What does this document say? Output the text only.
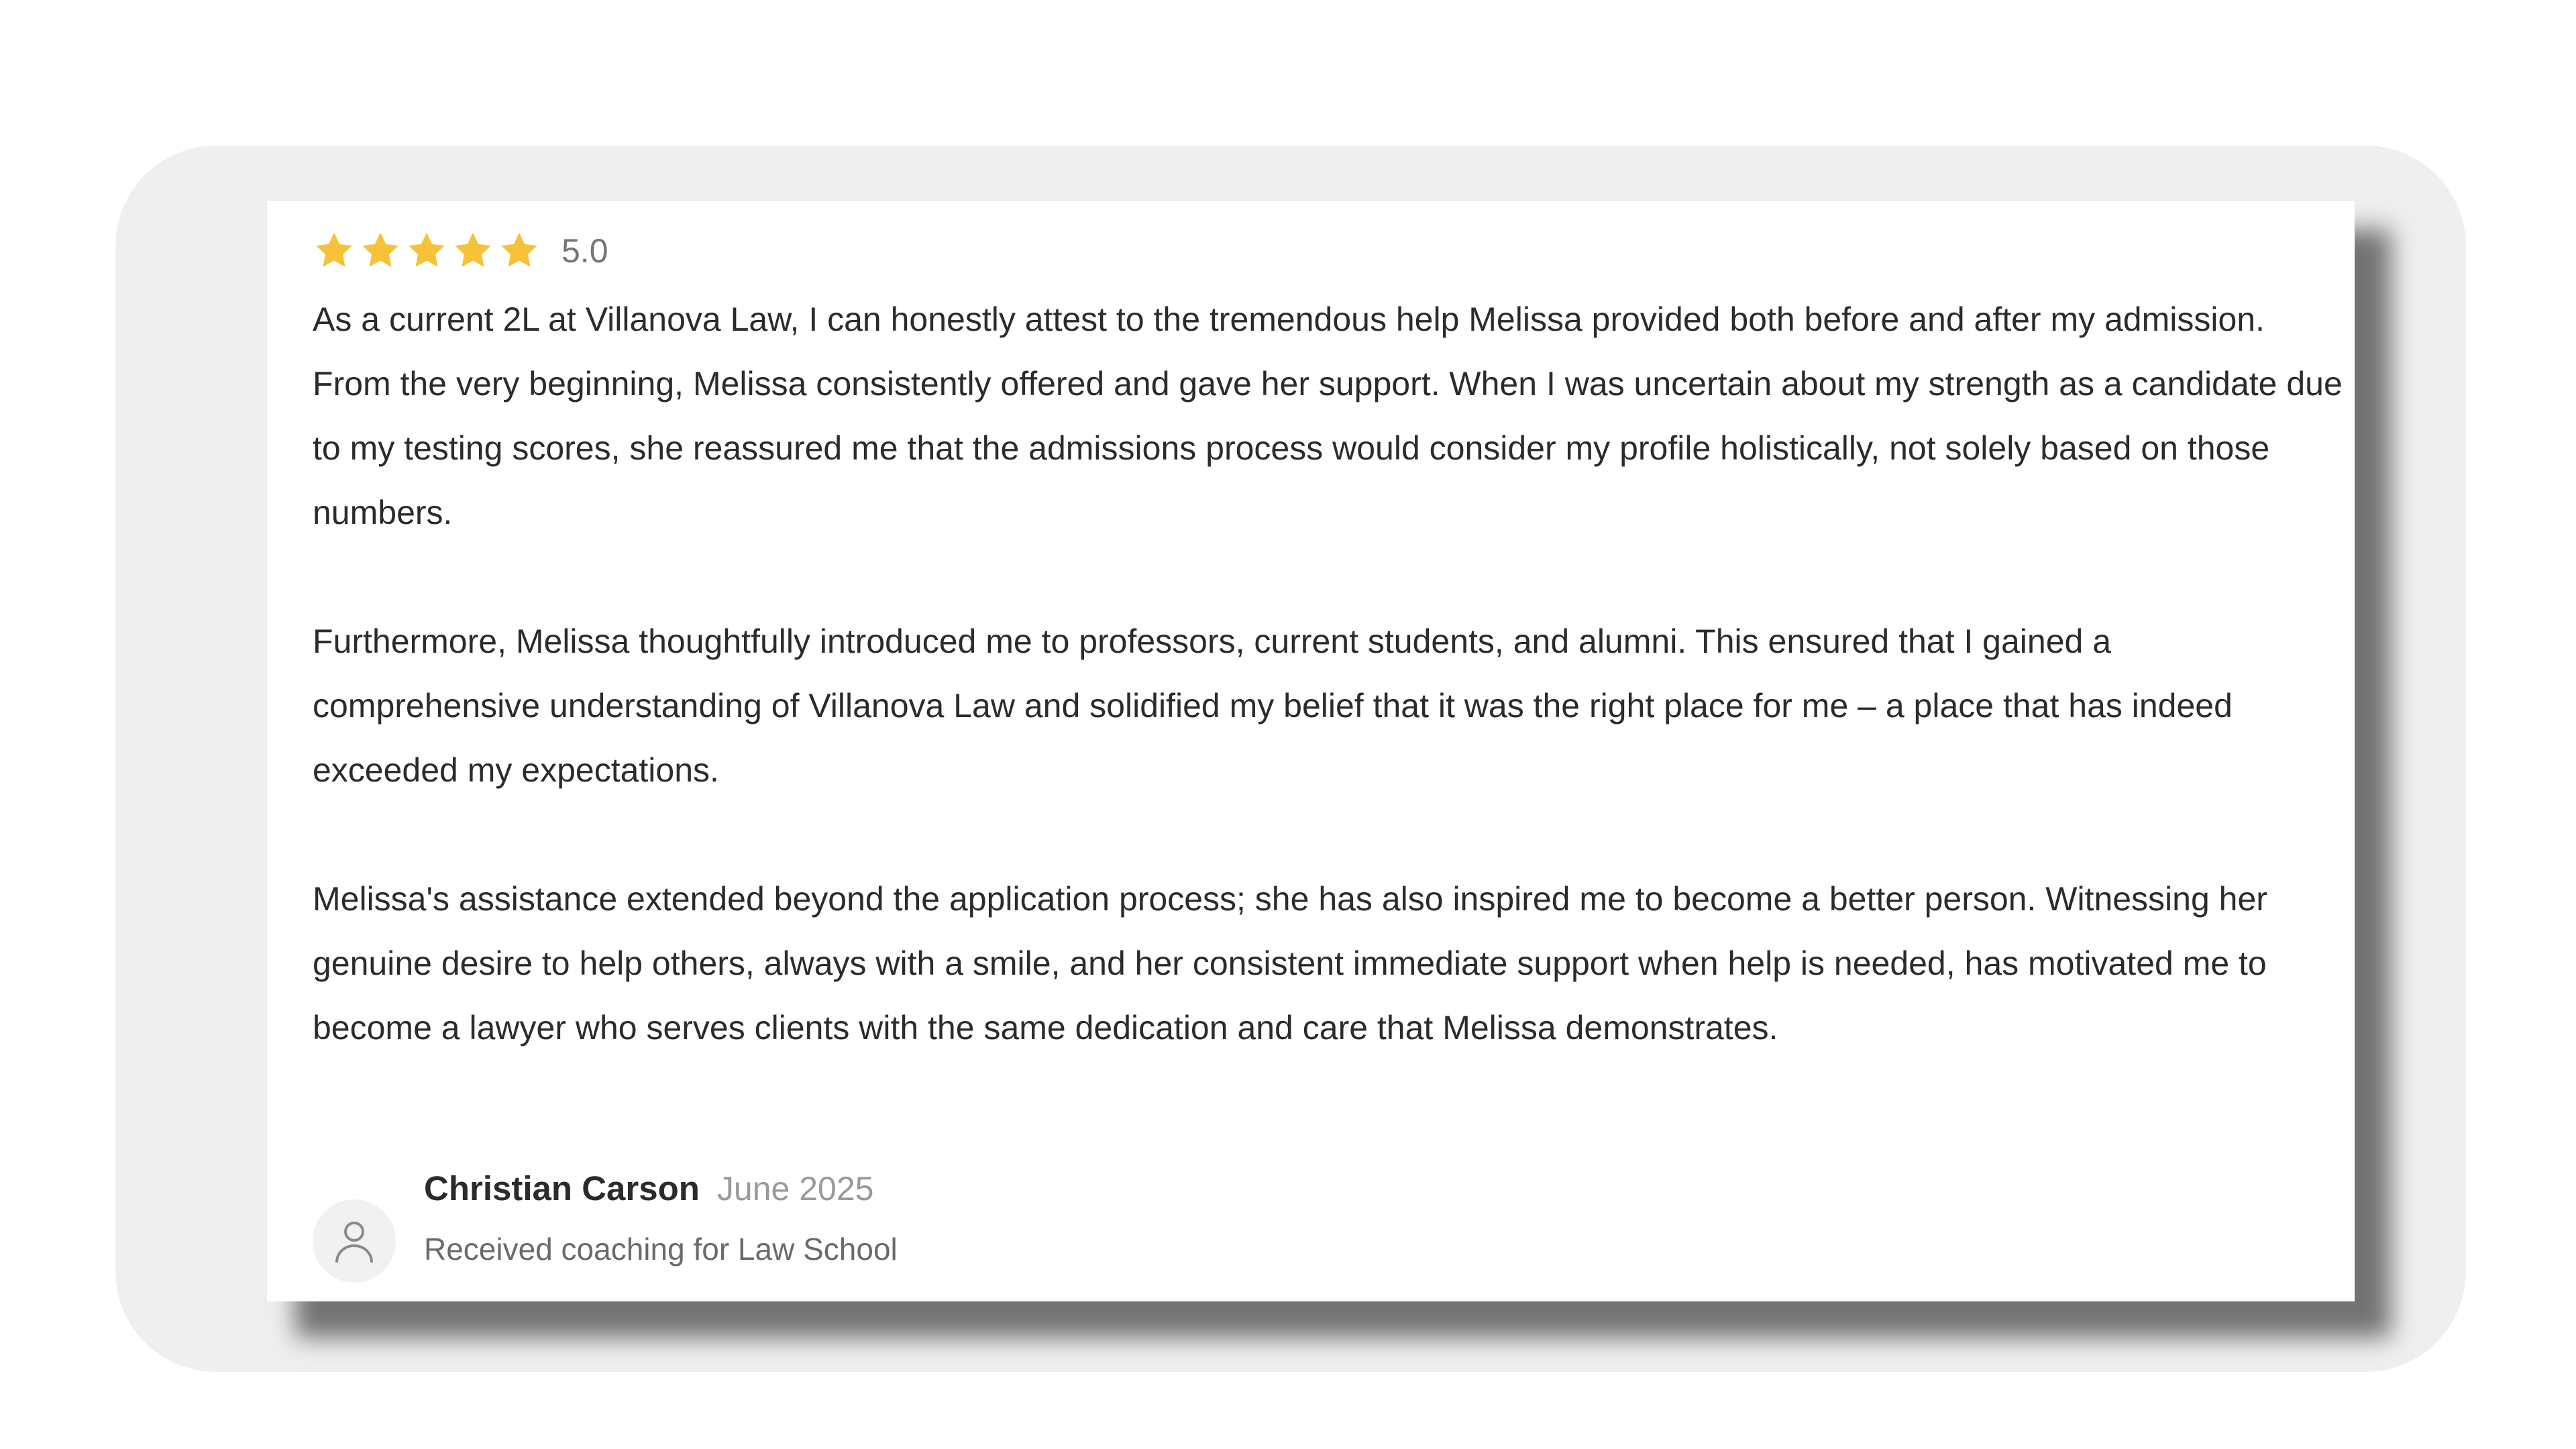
5.0

As a current 2L at Villanova Law, I can honestly attest to the tremendous help Melissa provided both before and after my admission. From the very beginning, Melissa consistently offered and gave her support. When I was uncertain about my strength as a candidate due to my testing scores, she reassured me that the admissions process would consider my profile holistically, not solely based on those numbers.

Furthermore, Melissa thoughtfully introduced me to professors, current students, and alumni. This ensured that I gained a comprehensive understanding of Villanova Law and solidified my belief that it was the right place for me – a place that has indeed exceeded my expectations.

Melissa's assistance extended beyond the application process; she has also inspired me to become a better person. Witnessing her genuine desire to help others, always with a smile, and her consistent immediate support when help is needed, has motivated me to become a lawyer who serves clients with the same dedication and care that Melissa demonstrates.

Christian Carson June 2025
Received coaching for Law School
